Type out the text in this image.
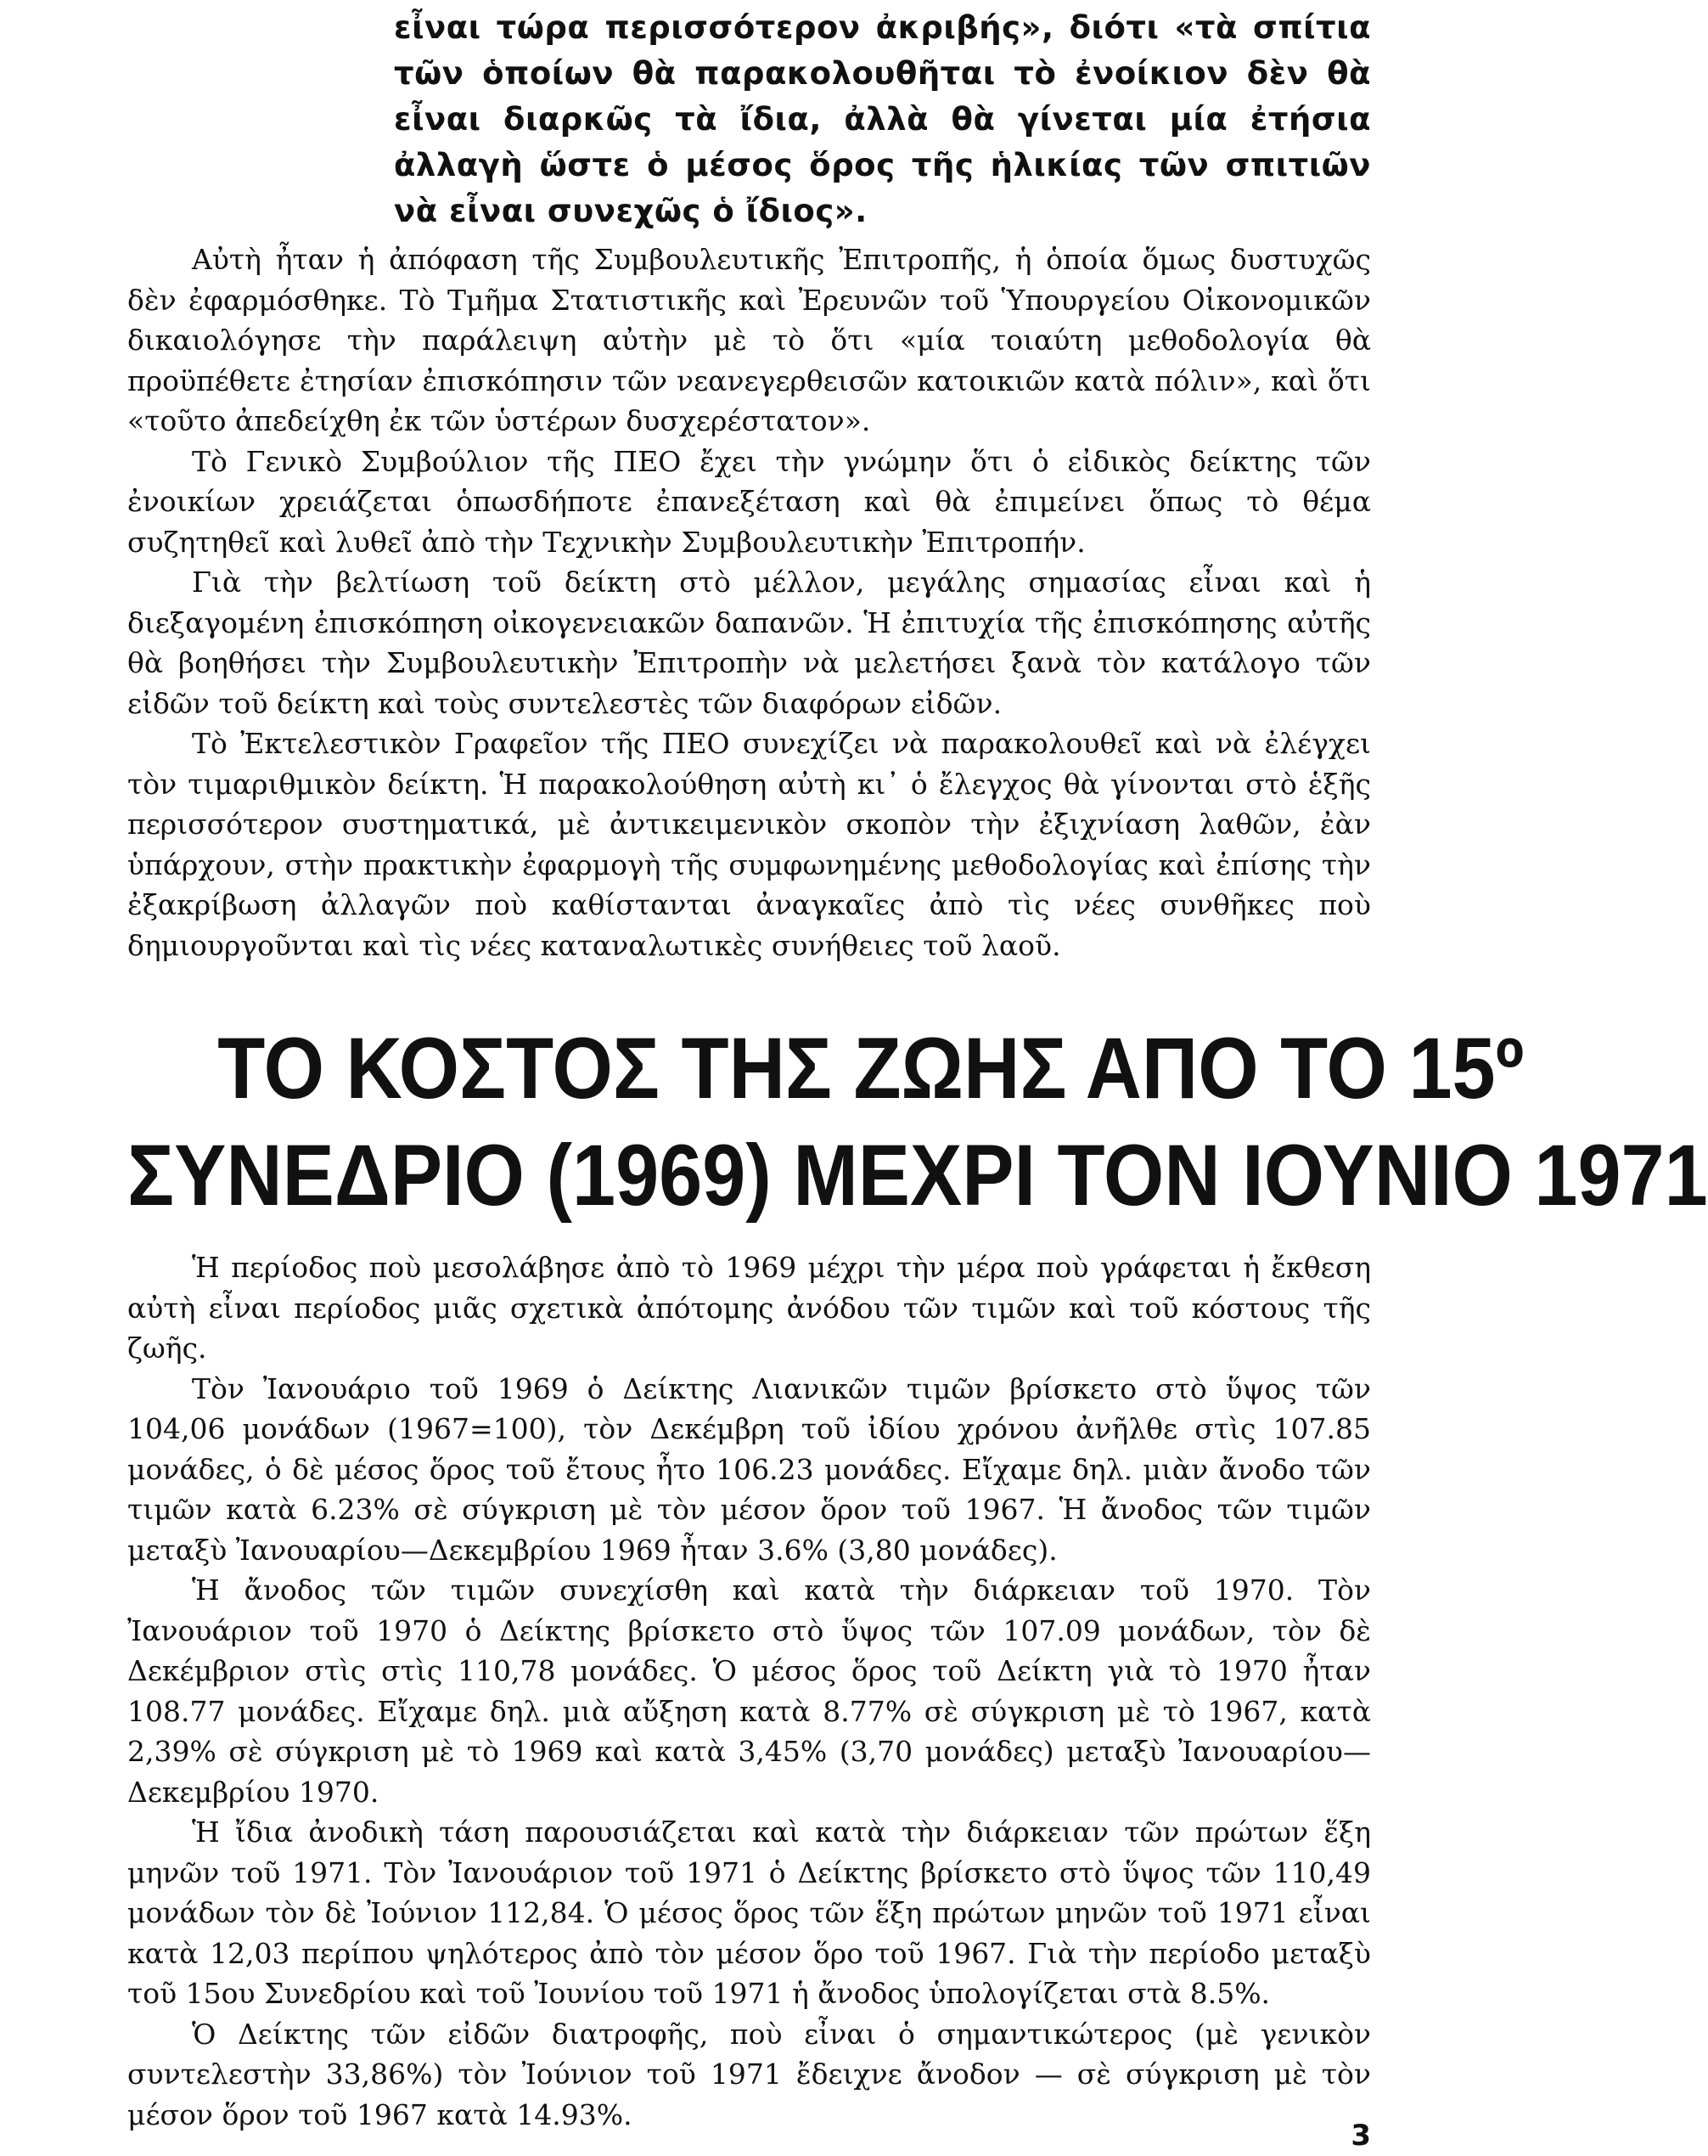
εἶναι τώρα περισσότερον ἀκριβής», διότι «τὰ σπίτια τῶν ὁποίων θὰ παρακολουθῆται τὸ ἐνοίκιον δὲν θὰ εἶναι διαρκῶς τὰ ἴδια, ἀλλὰ θὰ γίνεται μία ἐτήσια ἀλλαγὴ ὥστε ὁ μέσος ὅρος τῆς ἡλικίας τῶν σπιτιῶν νὰ εἶναι συνεχῶς ὁ ἴδιος».

Αὐτὴ ἦταν ἡ ἀπόφαση τῆς Συμβουλευτικῆς Ἐπιτροπῆς, ἡ ὁποία ὅμως δυστυχῶς δὲν ἐφαρμόσθηκε. Τὸ Τμῆμα Στατιστικῆς καὶ Ἐρευνῶν τοῦ Ὑπουργείου Οἰκονομικῶν δικαιολόγησε τὴν παράλειψη αὐτὴν μὲ τὸ ὅτι «μία τοιαύτη μεθοδολογία θὰ προϋπέθετε ἐτησίαν ἐπισκόπησιν τῶν νεανεγερθεισῶν κατοικιῶν κατὰ πόλιν», καὶ ὅτι «τοῦτο ἀπεδείχθη ἐκ τῶν ὑστέρων δυσχερέστατον».

Τὸ Γενικὸ Συμβούλιον τῆς ΠΕΟ ἔχει τὴν γνώμην ὅτι ὁ εἰδικὸς δείκτης τῶν ἐνοικίων χρειάζεται ὁπωσδήποτε ἐπανεξέταση καὶ θὰ ἐπιμείνει ὅπως τὸ θέμα συζητηθεῖ καὶ λυθεῖ ἀπὸ τὴν Τεχνικὴν Συμβουλευτικὴν Ἐπιτροπήν.

Γιὰ τὴν βελτίωση τοῦ δείκτη στὸ μέλλον, μεγάλης σημασίας εἶναι καὶ ἡ διεξαγομένη ἐπισκόπηση οἰκογενειακῶν δαπανῶν. Ἡ ἐπιτυχία τῆς ἐπισκόπησης αὐτῆς θὰ βοηθήσει τὴν Συμβουλευτικὴν Ἐπιτροπὴν νὰ μελετήσει ξανὰ τὸν κατάλογο τῶν εἰδῶν τοῦ δείκτη καὶ τοὺς συντελεστὲς τῶν διαφόρων εἰδῶν.

Τὸ Ἐκτελεστικὸν Γραφεῖον τῆς ΠΕΟ συνεχίζει νὰ παρακολουθεῖ καὶ νὰ ἐλέγχει τὸν τιμαριθμικὸν δείκτη. Ἡ παρακολούθηση αὐτὴ κι᾽ ὁ ἔλεγχος θὰ γίνονται στὸ ἑξῆς περισσότερον συστηματικά, μὲ ἀντικειμενικὸν σκοπὸν τὴν ἐξιχνίαση λαθῶν, ἐὰν ὑπάρχουν, στὴν πρακτικὴν ἐφαρμογὴ τῆς συμφωνημένης μεθοδολογίας καὶ ἐπίσης τὴν ἐξακρίβωση ἀλλαγῶν ποὺ καθίστανται ἀναγκαῖες ἀπὸ τὶς νέες συνθῆκες ποὺ δημιουργοῦνται καὶ τὶς νέες καταναλωτικὲς συνήθειες τοῦ λαοῦ.

ΤΟ ΚΟΣΤΟΣ ΤΗΣ ΖΩΗΣ ΑΠΟ ΤΟ 15º
ΣΥΝΕΔΡΙΟ (1969) ΜΕΧΡΙ ΤΟΝ ΙΟΥΝΙΟ 1971

Ἡ περίοδος ποὺ μεσολάβησε ἀπὸ τὸ 1969 μέχρι τὴν μέρα ποὺ γράφεται ἡ ἔκθεση αὐτὴ εἶναι περίοδος μιᾶς σχετικὰ ἀπότομης ἀνόδου τῶν τιμῶν καὶ τοῦ κόστους τῆς ζωῆς.

Τὸν Ἰανουάριο τοῦ 1969 ὁ Δείκτης Λιανικῶν τιμῶν βρίσκετο στὸ ὕψος τῶν 104,06 μονάδων (1967=100), τὸν Δεκέμβρη τοῦ ἰδίου χρόνου ἀνῆλθε στὶς 107.85 μονάδες, ὁ δὲ μέσος ὅρος τοῦ ἔτους ἦτο 106.23 μονάδες. Εἴχαμε δηλ. μιὰν ἄνοδο τῶν τιμῶν κατὰ 6.23% σὲ σύγκριση μὲ τὸν μέσον ὅρον τοῦ 1967. Ἡ ἄνοδος τῶν τιμῶν μεταξὺ Ἰανουαρίου—Δεκεμβρίου 1969 ἦταν 3.6% (3,80 μονάδες).

Ἡ ἄνοδος τῶν τιμῶν συνεχίσθη καὶ κατὰ τὴν διάρκειαν τοῦ 1970. Τὸν Ἰανουάριον τοῦ 1970 ὁ Δείκτης βρίσκετο στὸ ὕψος τῶν 107.09 μονάδων, τὸν δὲ Δεκέμβριον στὶς στὶς 110,78 μονάδες. Ὁ μέσος ὅρος τοῦ Δείκτη γιὰ τὸ 1970 ἦταν 108.77 μονάδες. Εἴχαμε δηλ. μιὰ αὔξηση κατὰ 8.77% σὲ σύγκριση μὲ τὸ 1967, κατὰ 2,39% σὲ σύγκριση μὲ τὸ 1969 καὶ κατὰ 3,45% (3,70 μονάδες) μεταξὺ Ἰανουαρίου—Δεκεμβρίου 1970.

Ἡ ἴδια ἀνοδικὴ τάση παρουσιάζεται καὶ κατὰ τὴν διάρκειαν τῶν πρώτων ἕξη μηνῶν τοῦ 1971. Τὸν Ἰανουάριον τοῦ 1971 ὁ Δείκτης βρίσκετο στὸ ὕψος τῶν 110,49 μονάδων τὸν δὲ Ἰούνιον 112,84. Ὁ μέσος ὅρος τῶν ἕξη πρώτων μηνῶν τοῦ 1971 εἶναι κατὰ 12,03 περίπου ψηλότερος ἀπὸ τὸν μέσον ὅρο τοῦ 1967. Γιὰ τὴν περίοδο μεταξὺ τοῦ 15ου Συνεδρίου καὶ τοῦ Ἰουνίου τοῦ 1971 ἡ ἄνοδος ὑπολογίζεται στὰ 8.5%.

Ὁ Δείκτης τῶν εἰδῶν διατροφῆς, ποὺ εἶναι ὁ σημαντικώτερος (μὲ γενικὸν συντελεστὴν 33,86%) τὸν Ἰούνιον τοῦ 1971 ἔδειχνε ἄνοδον — σὲ σύγκριση μὲ τὸν μέσον ὅρον τοῦ 1967 κατὰ 14.93%.

3
